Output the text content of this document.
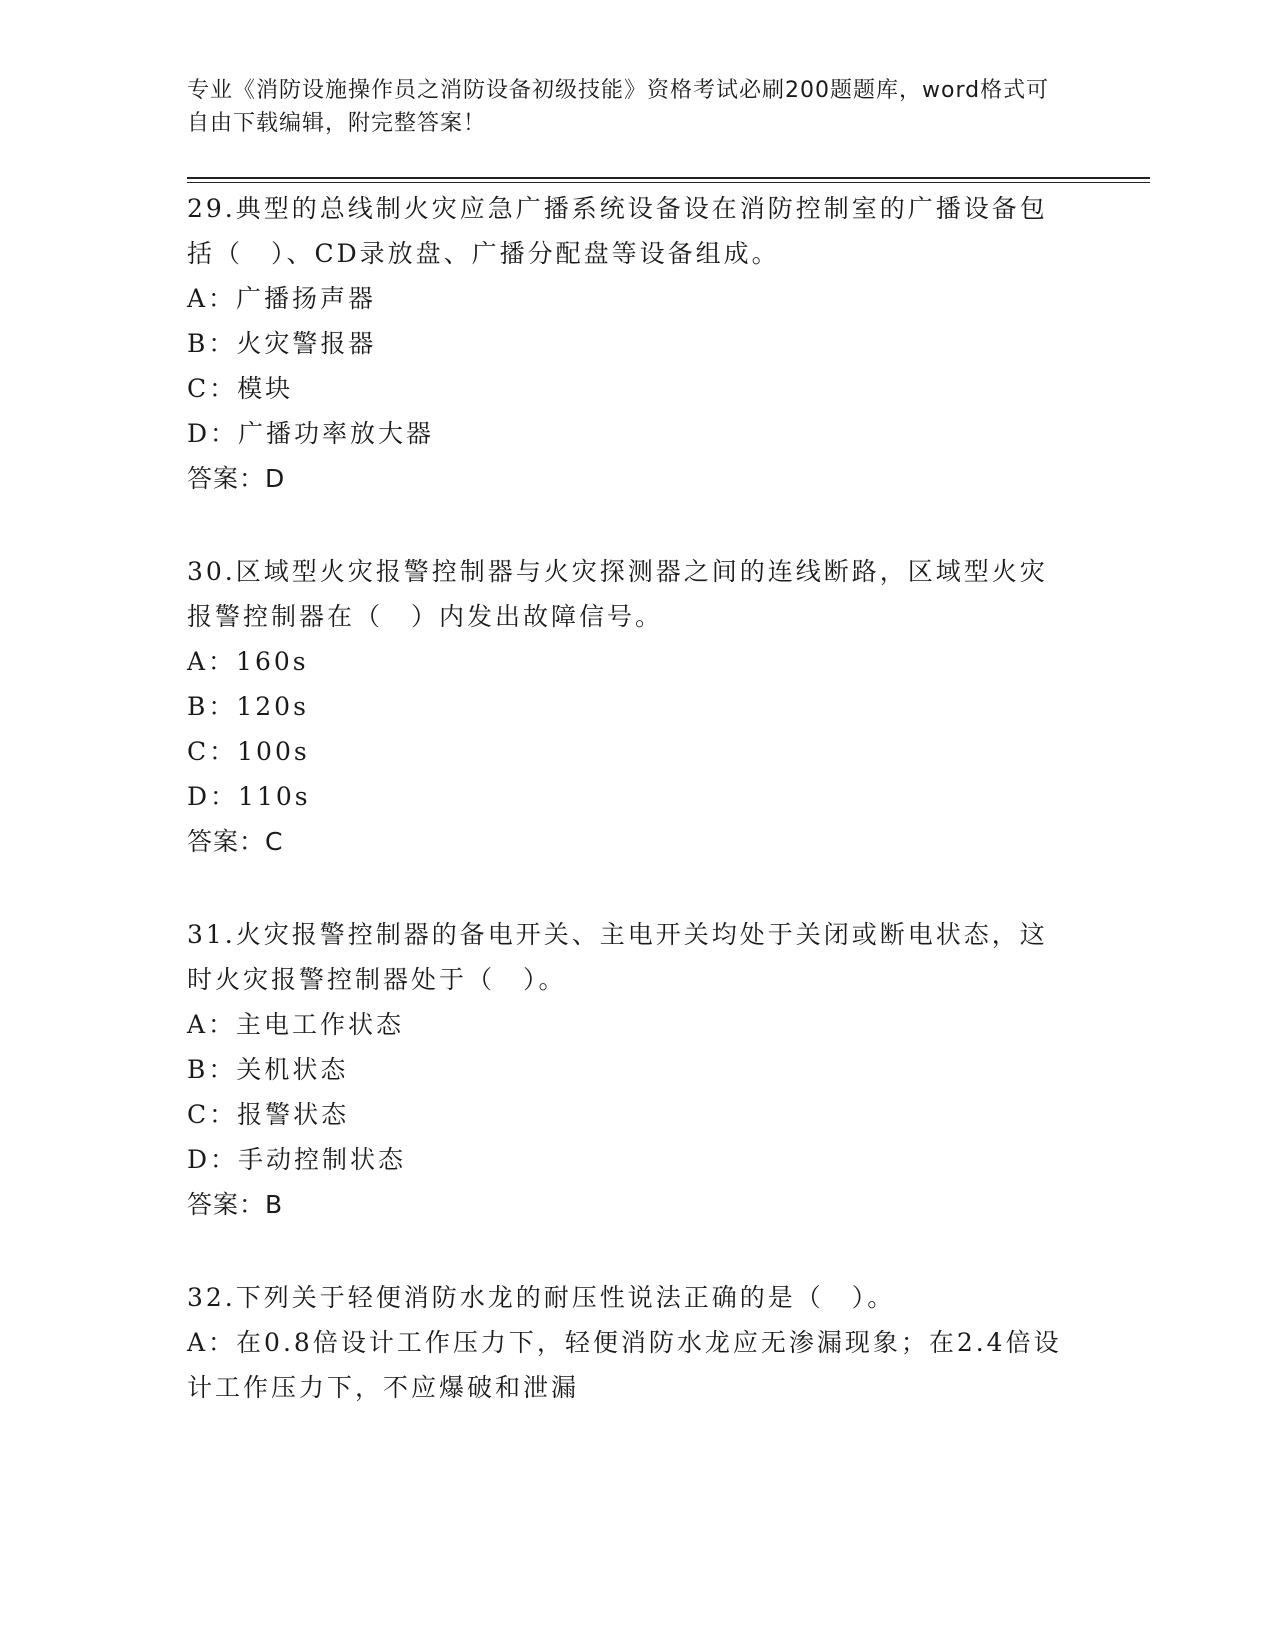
专业《消防设施操作员之消防设备初级技能》资格考试必刷200题题库，word格式可自由下载编辑，附完整答案！

29.典型的总线制火灾应急广播系统设备设在消防控制室的广播设备包括（　）、CD录放盘、广播分配盘等设备组成。

A：广播扬声器

B：火灾警报器

C：模块

D：广播功率放大器

答案：D

30.区域型火灾报警控制器与火灾探测器之间的连线断路，区域型火灾报警控制器在（　）内发出故障信号。

A：160s

B：120s

C：100s

D：110s

答案：C

31.火灾报警控制器的备电开关、主电开关均处于关闭或断电状态，这时火灾报警控制器处于（　）。

A：主电工作状态

B：关机状态

C：报警状态

D：手动控制状态

答案：B

32.下列关于轻便消防水龙的耐压性说法正确的是（　）。

A：在0.8倍设计工作压力下，轻便消防水龙应无渗漏现象；在2.4倍设计工作压力下，不应爆破和泄漏
